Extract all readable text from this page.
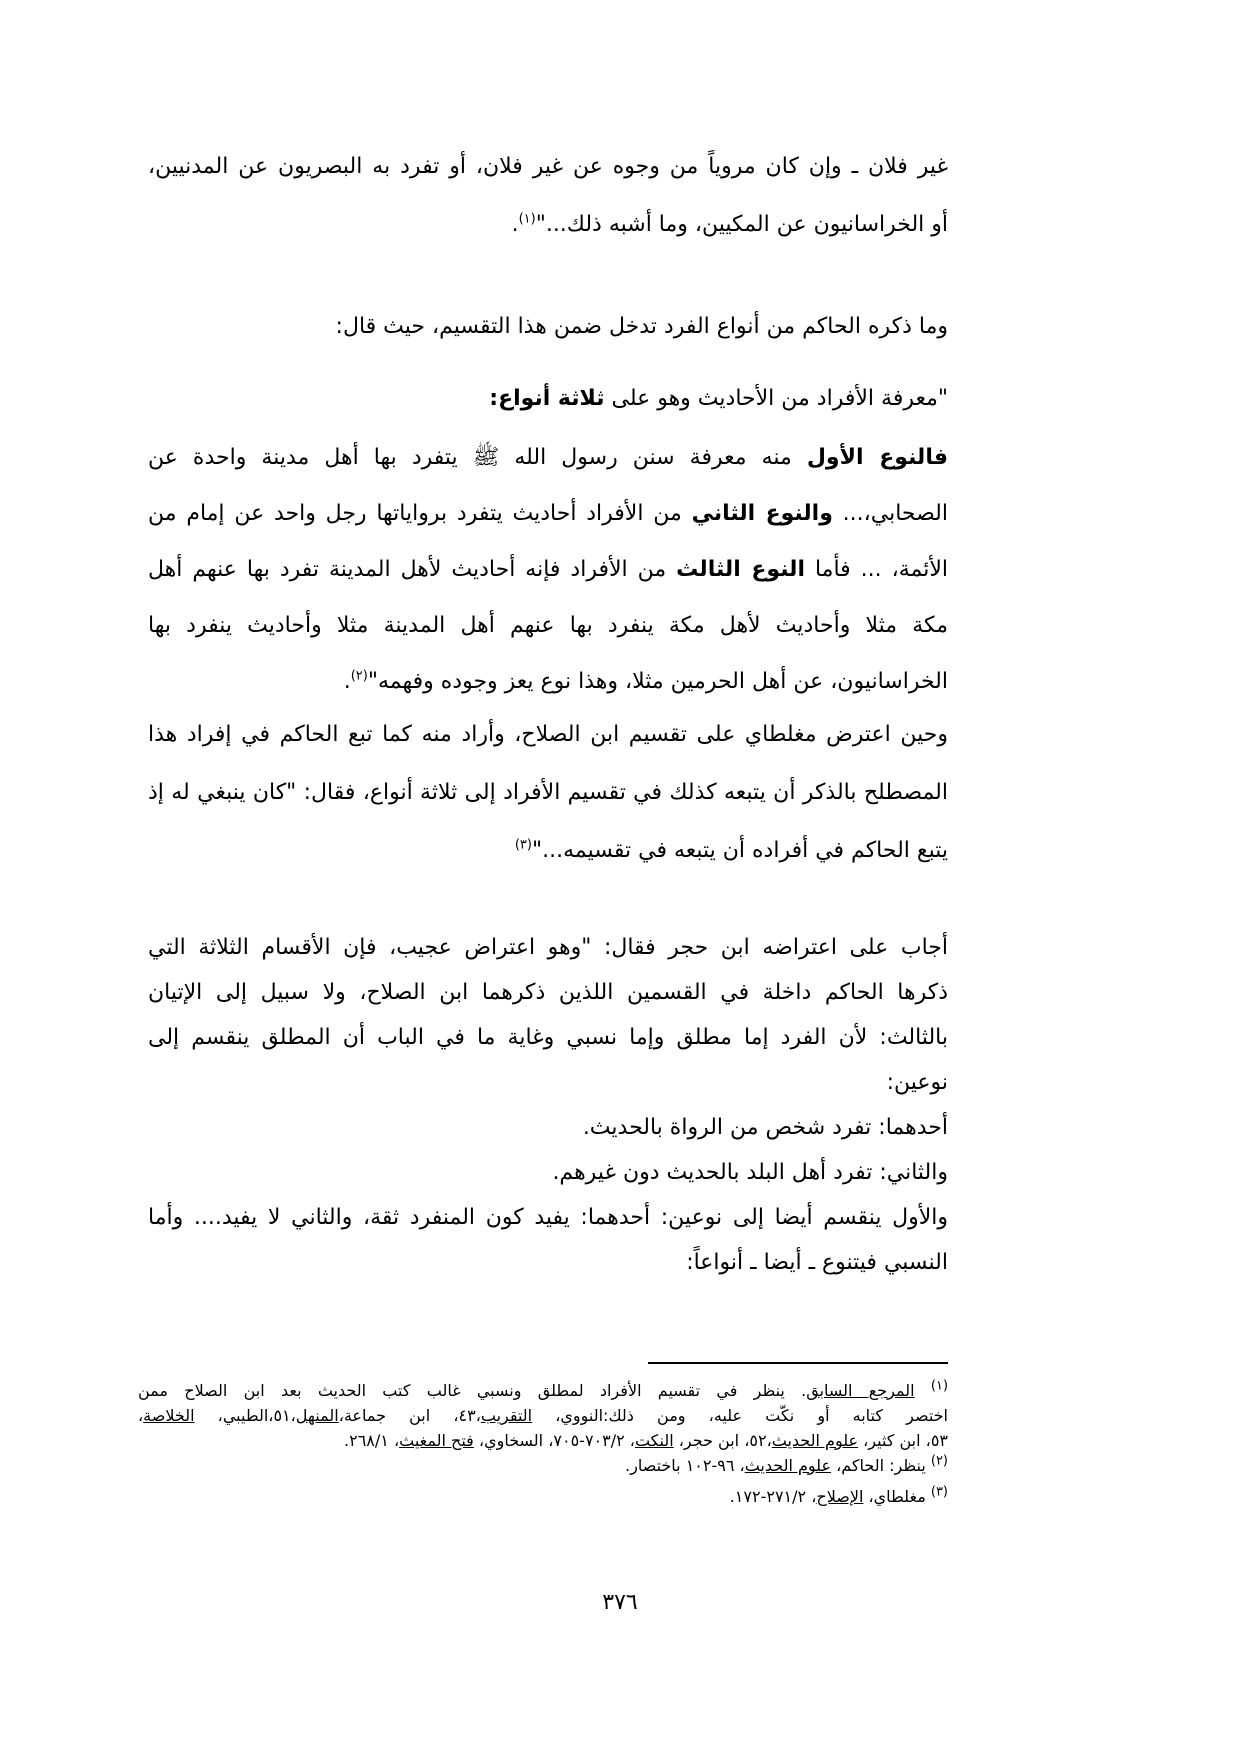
غير فلان ـ وإن كان مروياً من وجوه عن غير فلان، أو تفرد به البصريون عن المدنيين،
أو الخراسانيون عن المكيين، وما أشبه ذلك..."$^{(١)}$.
وما ذكره الحاكم من أنواع الفرد تدخل ضمن هذا التقسيم، حيث قال:
"معرفة الأفراد من الأحاديث وهو على ثلاثة أنواع:
فالنوع الأول منه معرفة سنن رسول الله ﷺ يتفرد بها أهل مدينة واحدة عن
الصحابي،... والنوع الثاني من الأفراد أحاديث يتفرد برواياتها رجل واحد عن إمام من
الأئمة، ... فأما النوع الثالث من الأفراد فإنه أحاديث لأهل المدينة تفرد بها عنهم أهل
مكة مثلا وأحاديث لأهل مكة ينفرد بها عنهم أهل المدينة مثلا وأحاديث ينفرد بها
الخراسانيون، عن أهل الحرمين مثلا، وهذا نوع يعز وجوده وفهمه"$^{(٢)}$.
وحين اعترض مغلطاي على تقسيم ابن الصلاح، وأراد منه كما تبع الحاكم في إفراد هذا
المصطلح بالذكر أن يتبعه كذلك في تقسيم الأفراد إلى ثلاثة أنواع، فقال: "كان ينبغي له إذ
يتبع الحاكم في أفراده أن يتبعه في تقسيمه..."$^{(٣)}$
أجاب على اعتراضه ابن حجر فقال: "وهو اعتراض عجيب، فإن الأقسام الثلاثة التي
ذكرها الحاكم داخلة في القسمين اللذين ذكرهما ابن الصلاح، ولا سبيل إلى الإتيان
بالثالث: لأن الفرد إما مطلق وإما نسبي وغاية ما في الباب أن المطلق ينقسم إلى
نوعين:
أحدهما: تفرد شخص من الرواة بالحديث.
والثاني: تفرد أهل البلد بالحديث دون غيرهم.
والأول ينقسم أيضا إلى نوعين: أحدهما: يفيد كون المنفرد ثقة، والثاني لا يفيد.... وأما
النسبي فيتنوع ـ أيضا ـ أنواعاً:
$^{(١)}$ المرجع السابق. ينظر في تقسيم الأفراد لمطلق ونسبي غالب كتب الحديث بعد ابن الصلاح ممن
اختصر كتابه أو نكّت عليه، ومن ذلك:النووي، التقريب،٤٣، ابن جماعة،المنهل،٥١،الطيبي، الخلاصة،
٥٣، ابن كثير، علوم الحديث،٥٢، ابن حجر، النكت، ٧٠٣/٢-٧٠٥، السخاوي، فتح المغيث، ٢٦٨/١.
$^{(٢)}$ ينظر: الحاكم، علوم الحديث، ٩٦-١٠٢ باختصار.
$^{(٣)}$ مغلطاي، الإصلاح، ٢٧١/٢-١٧٢.
٣٧٦
